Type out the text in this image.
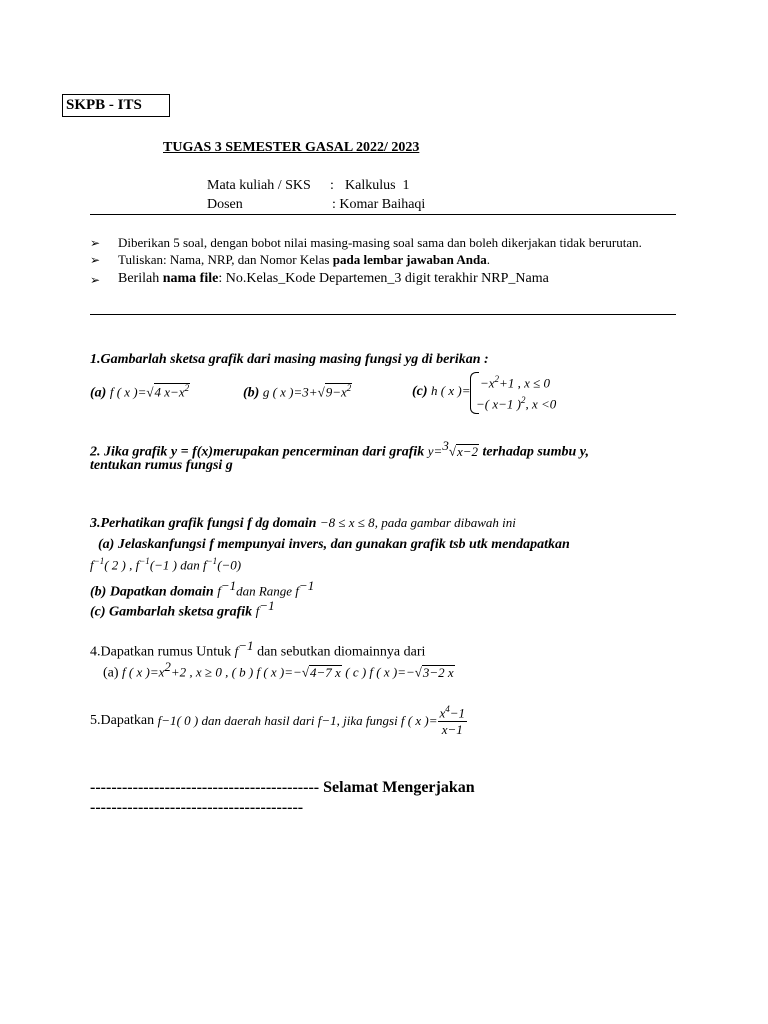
SKPB - ITS
TUGAS 3 SEMESTER GASAL 2022/ 2023
Mata kuliah / SKS : Kalkulus  1
Dosen	: Komar Baihaqi
➢ Diberikan 5 soal, dengan bobot nilai masing-masing soal sama dan boleh dikerjakan tidak berurutan.
➢ Tuliskan: Nama, NRP, dan Nomor Kelas pada lembar jawaban Anda.
➢ Berilah nama file: No.Kelas_Kode Departemen_3 digit terakhir NRP_Nama
1.Gambarlah sketsa grafik dari masing masing fungsi yg di berikan :
(a) f ( x )=√4 $x-x^2$	(b) g ( x )$=3+√9-x^2$	(c) h ( x )=
$-x^2+1$ , x ≤ 0
−( x−1 )$^2$, x <0
2. Jika grafik y = f(x)merupakan pencerminan dari grafik y=$^3$√x−2 terhadap sumbu y,
tentukan rumus fungsi g
3.Perhatikan grafik fungsi f dg domain −8 ≤ x ≤ 8, pada gambar dibawah ini
(a) Jelaskanfungsi f mempunyai invers, dan gunakan grafik tsb utk mendapatkan
$f^{-1}$( 2 ) , $f^{-1}(-1$ ) dan $f^{-1}(-0)$
(b) Dapatkan domain $f^{-1}dan$ Range $f^{-1}$
(c) Gambarlah sketsa grafik $f^{-1}$
4.Dapatkan rumus Untuk $f^{-1}$ dan sebutkan diomainnya dari
(a) f ( x )$=x^2+2$ , x ≥ 0 , ( b ) f ( x )=−√4−7 x ( c ) f ( x )=−√3−2 x
5.Dapatkan
f −1 ( 0 ) dan daerah hasil dari f −1 , jika fungsi f ( x )= $\frac{x^4-1}{x-1}$
------------------------------------------- Selamat Mengerjakan
----------------------------------------
